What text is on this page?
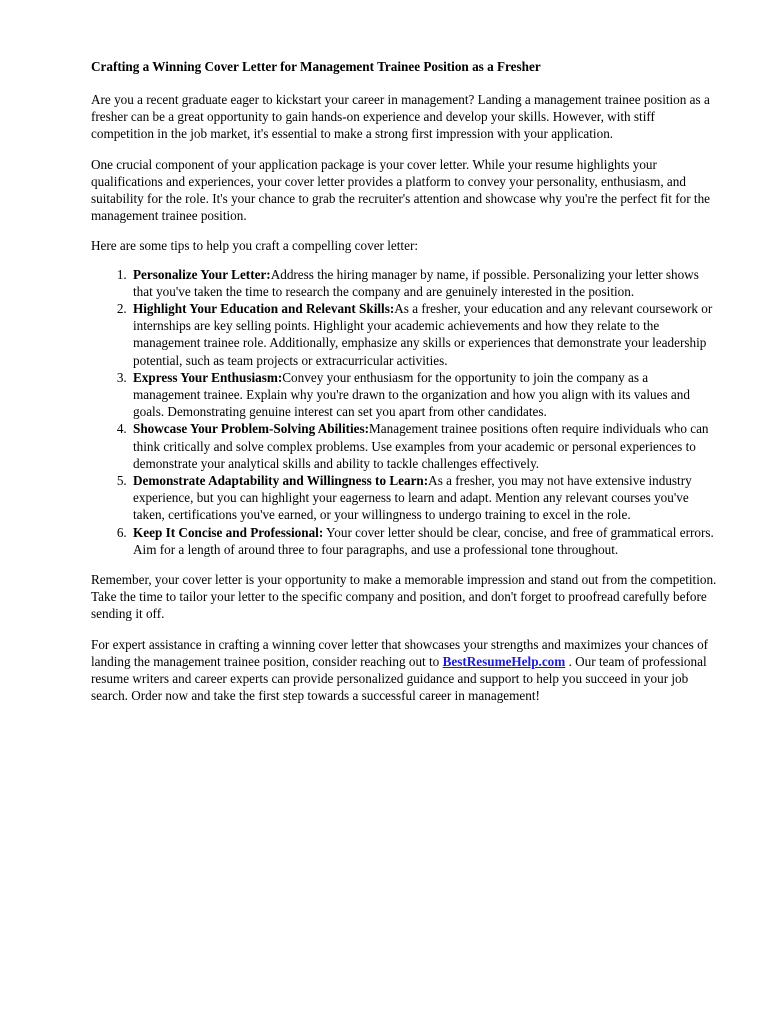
Crafting a Winning Cover Letter for Management Trainee Position as a Fresher

Are you a recent graduate eager to kickstart your career in management? Landing a management trainee position as a fresher can be a great opportunity to gain hands-on experience and develop your skills. However, with stiff competition in the job market, it's essential to make a strong first impression with your application.

One crucial component of your application package is your cover letter. While your resume highlights your qualifications and experiences, your cover letter provides a platform to convey your personality, enthusiasm, and suitability for the role. It's your chance to grab the recruiter's attention and showcase why you're the perfect fit for the management trainee position.

Here are some tips to help you craft a compelling cover letter:

1. Personalize Your Letter:Address the hiring manager by name, if possible. Personalizing your letter shows that you've taken the time to research the company and are genuinely interested in the position.
2. Highlight Your Education and Relevant Skills:As a fresher, your education and any relevant coursework or internships are key selling points. Highlight your academic achievements and how they relate to the management trainee role. Additionally, emphasize any skills or experiences that demonstrate your leadership potential, such as team projects or extracurricular activities.
3. Express Your Enthusiasm:Convey your enthusiasm for the opportunity to join the company as a management trainee. Explain why you're drawn to the organization and how you align with its values and goals. Demonstrating genuine interest can set you apart from other candidates.
4. Showcase Your Problem-Solving Abilities:Management trainee positions often require individuals who can think critically and solve complex problems. Use examples from your academic or personal experiences to demonstrate your analytical skills and ability to tackle challenges effectively.
5. Demonstrate Adaptability and Willingness to Learn:As a fresher, you may not have extensive industry experience, but you can highlight your eagerness to learn and adapt. Mention any relevant courses you've taken, certifications you've earned, or your willingness to undergo training to excel in the role.
6. Keep It Concise and Professional: Your cover letter should be clear, concise, and free of grammatical errors. Aim for a length of around three to four paragraphs, and use a professional tone throughout.

Remember, your cover letter is your opportunity to make a memorable impression and stand out from the competition. Take the time to tailor your letter to the specific company and position, and don't forget to proofread carefully before sending it off.

For expert assistance in crafting a winning cover letter that showcases your strengths and maximizes your chances of landing the management trainee position, consider reaching out to BestResumeHelp.com . Our team of professional resume writers and career experts can provide personalized guidance and support to help you succeed in your job search. Order now and take the first step towards a successful career in management!
